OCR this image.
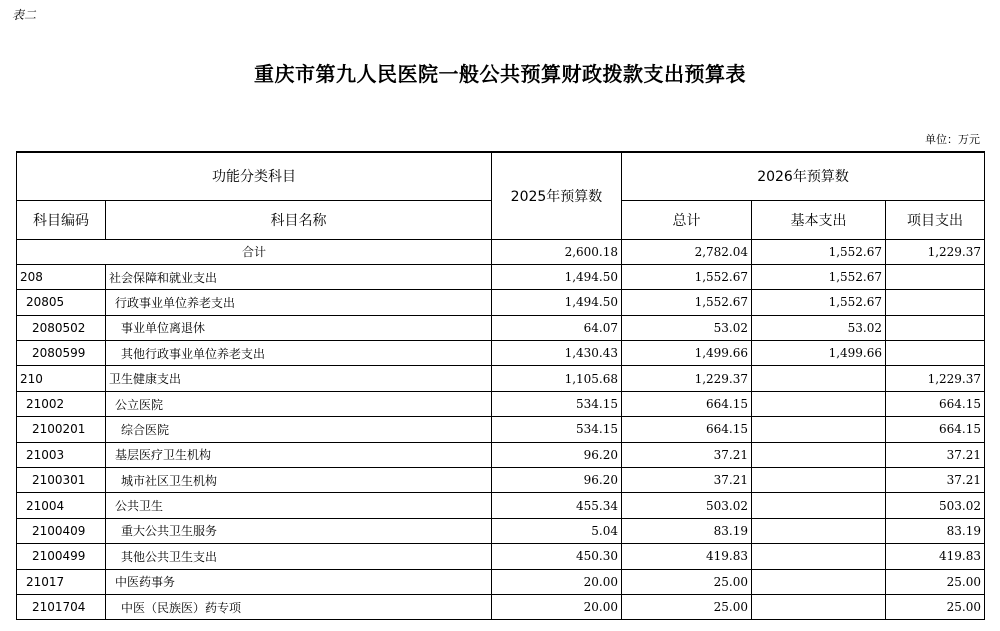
表二
重庆市第九人民医院一般公共预算财政拨款支出预算表
单位：万元
功能分类科目		2025年预算数	2026年预算数		
科目编码	科目名称		总计	基本支出	项目支出
合计		2,600.18	2,782.04	1,552.67	1,229.37
208	社会保障和就业支出	1,494.50	1,552.67	1,552.67	
20805	行政事业单位养老支出	1,494.50	1,552.67	1,552.67	
2080502	事业单位离退休	64.07	53.02	53.02	
2080599	其他行政事业单位养老支出	1,430.43	1,499.66	1,499.66	
210	卫生健康支出	1,105.68	1,229.37		1,229.37
21002	公立医院	534.15	664.15		664.15
2100201	综合医院	534.15	664.15		664.15
21003	基层医疗卫生机构	96.20	37.21		37.21
2100301	城市社区卫生机构	96.20	37.21		37.21
21004	公共卫生	455.34	503.02		503.02
2100409	重大公共卫生服务	5.04	83.19		83.19
2100499	其他公共卫生支出	450.30	419.83		419.83
21017	中医药事务	20.00	25.00		25.00
2101704	中医（民族医）药专项	20.00	25.00		25.00
